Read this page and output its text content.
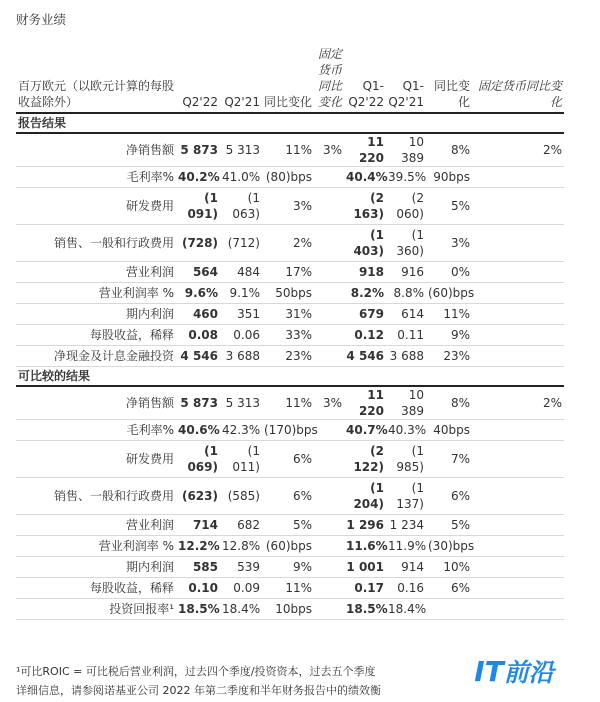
财务业绩
百万欧元（以欧元计算的每股收益除外）	Q2'22	Q2'21	同比变化	固定货币同比变化	Q1-Q2'22	Q1-Q2'21	同比变化	固定货币同比变化
报告结果								
净销售额	5 873	5 313	11%	3%	11 220	10 389	8%	2%
毛利率%	40.2%	41.0%	(80)bps		40.4%	39.5%	90bps	
研发费用	(1 091)	(1 063)	3%		(2 163)	(2 060)	5%	
销售、一般和行政费用	(728)	(712)	2%		(1 403)	(1 360)	3%	
营业利润	564	484	17%		918	916	0%	
营业利润率 %	9.6%	9.1%	50bps		8.2%	8.8%	(60)bps	
期内利润	460	351	31%		679	614	11%	
每股收益，稀释	0.08	0.06	33%		0.12	0.11	9%	
净现金及计息金融投资	4 546	3 688	23%		4 546	3 688	23%	
可比较的结果								
净销售额	5 873	5 313	11%	3%	11 220	10 389	8%	2%
毛利率%	40.6%	42.3%	(170)bps		40.7%	40.3%	40bps	
研发费用	(1 069)	(1 011)	6%		(2 122)	(1 985)	7%	
销售、一般和行政费用	(623)	(585)	6%		(1 204)	(1 137)	6%	
营业利润	714	682	5%		1 296	1 234	5%	
营业利润率 %	12.2%	12.8%	(60)bps		11.6%	11.9%	(30)bps	
期内利润	585	539	9%		1 001	914	10%	
每股收益，稀释	0.10	0.09	11%		0.17	0.16	6%	
投资回报率¹	18.5%	18.4%	10bps		18.5%	18.4%		
¹可比ROIC = 可比税后营业利润，过去四个季度/投资资本，过去五个季度
详细信息，请参阅诺基亚公司 2022 年第二季度和半年财务报告中的绩效衡
IT 前沿
